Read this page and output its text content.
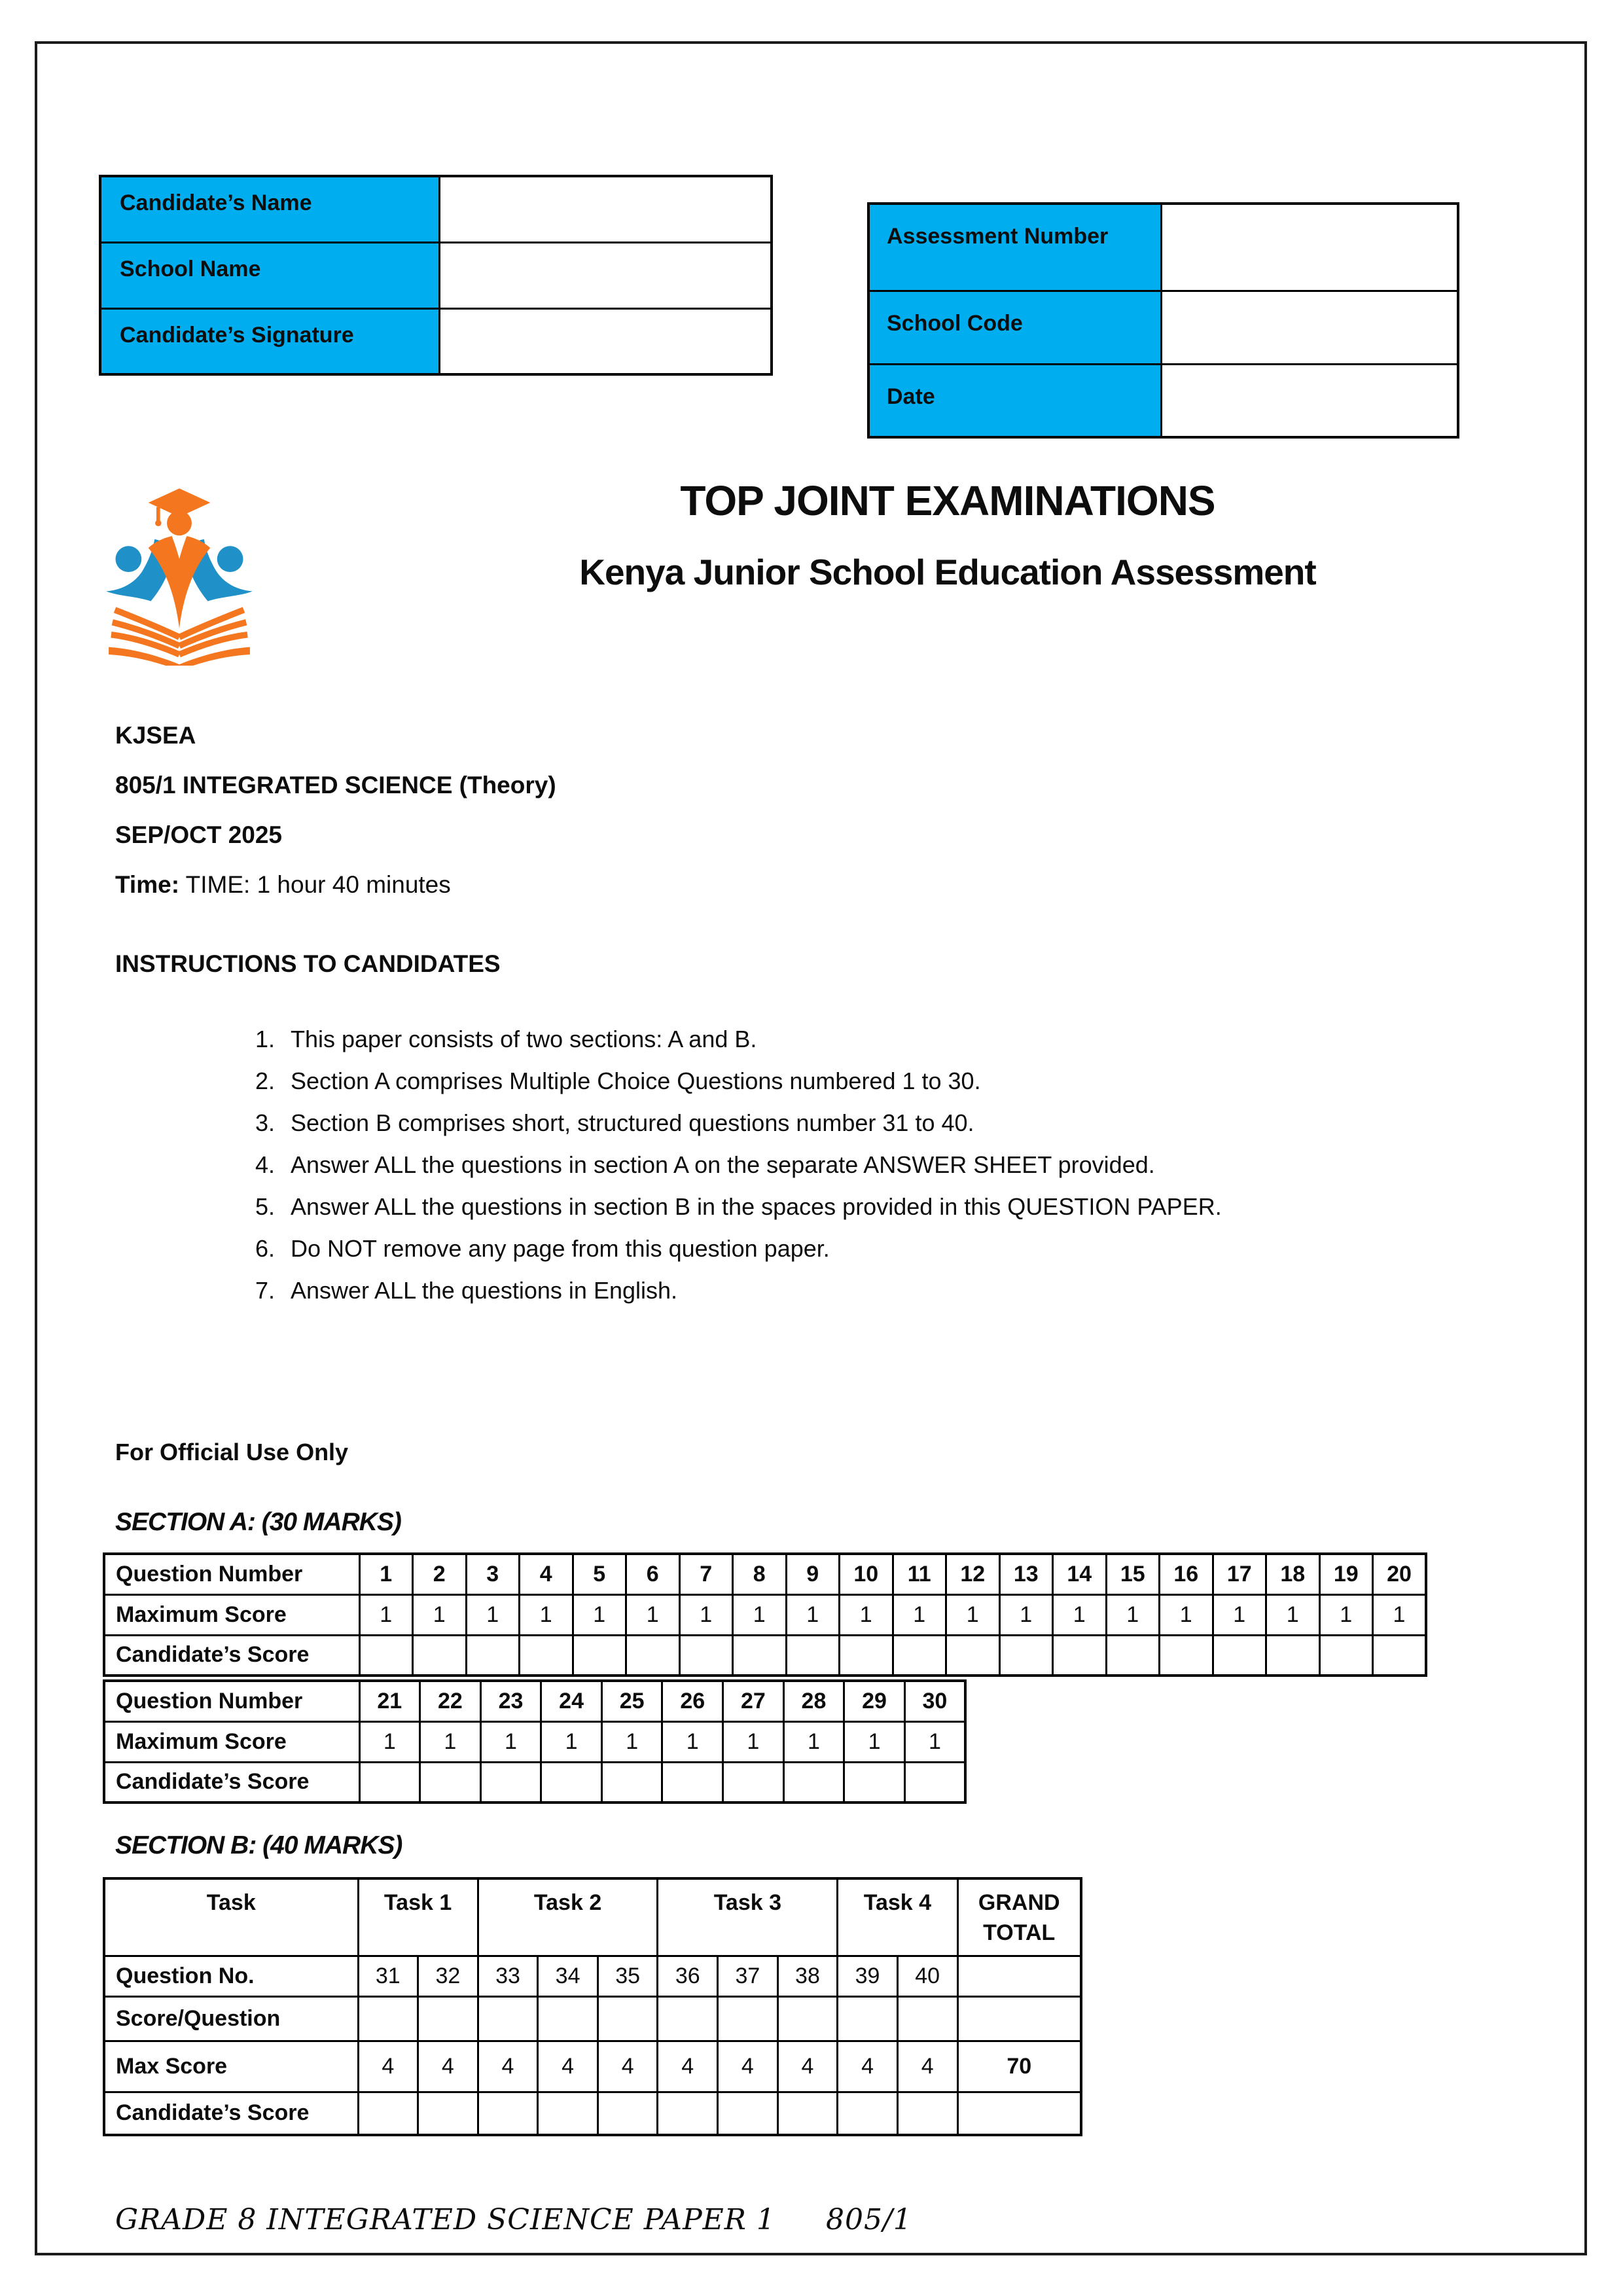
Candidate’s Name	
School Name	
Candidate’s Signature	
Assessment Number	
School Code	
Date	
TOP JOINT EXAMINATIONS
Kenya Junior School Education Assessment
KJSEA
805/1 INTEGRATED SCIENCE (Theory)
SEP/OCT 2025
Time: TIME: 1 hour 40 minutes
INSTRUCTIONS TO CANDIDATES
1. This paper consists of two sections: A and B.
2. Section A comprises Multiple Choice Questions numbered 1 to 30.
3. Section B comprises short, structured questions number 31 to 40.
4. Answer ALL the questions in section A on the separate ANSWER SHEET provided.
5. Answer ALL the questions in section B in the spaces provided in this QUESTION PAPER.
6. Do NOT remove any page from this question paper.
7. Answer ALL the questions in English.
For Official Use Only
SECTION A: (30 MARKS)
Question Number	1	2	3	4	5	6	7	8	9	10	11	12	13	14	15	16	17	18	19	20
Maximum Score	1	1	1	1	1	1	1	1	1	1	1	1	1	1	1	1	1	1	1	1
Candidate’s Score																				
Question Number	21	22	23	24	25	26	27	28	29	30
Maximum Score	1	1	1	1	1	1	1	1	1	1
Candidate’s Score										
SECTION B: (40 MARKS)
Task	Task 1		Task 2			Task 3			Task 4		GRAND TOTAL
Question No.	31	32	33	34	35	36	37	38	39	40	
Score/Question											
Max Score	4	4	4	4	4	4	4	4	4	4	70
Candidate’s Score											
GRADE 8 INTEGRATED SCIENCE PAPER 1 805/1
